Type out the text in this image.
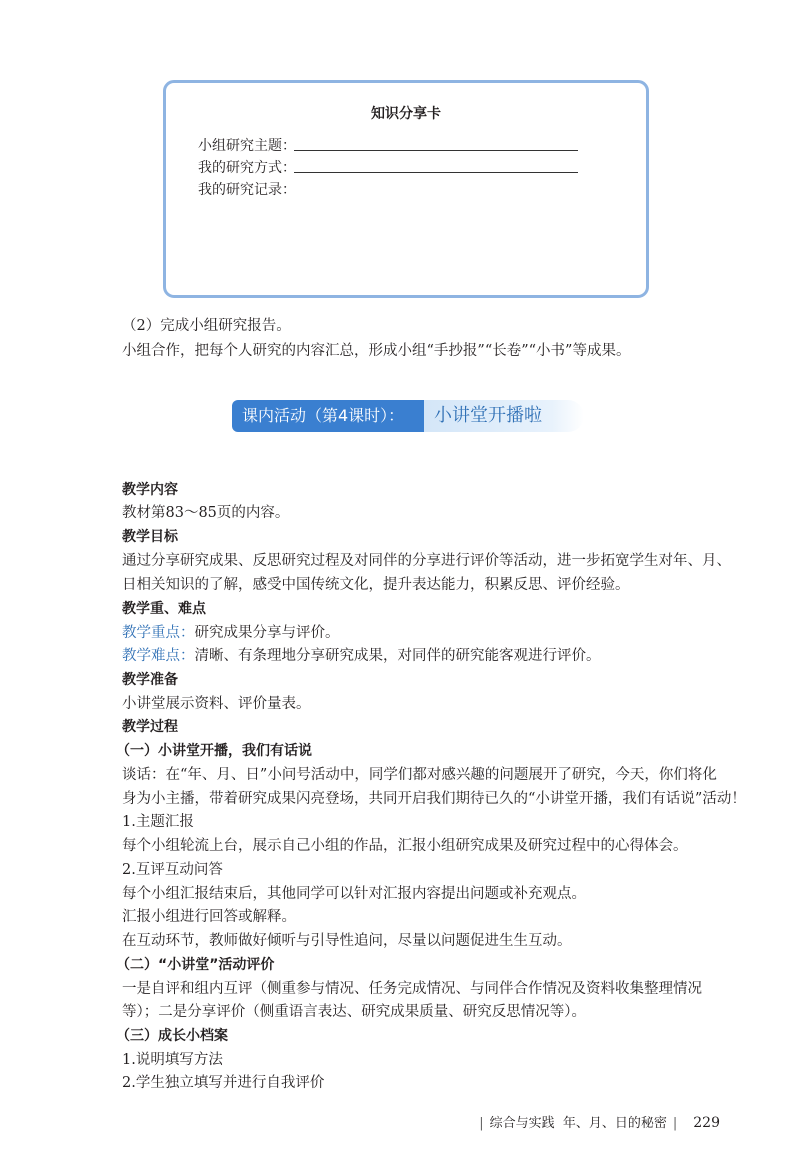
知识分享卡
小组研究主题：
我的研究方式：
我的研究记录：
（2）完成小组研究报告。
小组合作，把每个人研究的内容汇总，形成小组“手抄报”“长卷”“小书”等成果。
课内活动（第4课时）：	小讲堂开播啦
教学内容
教材第83～85页的内容。
教学目标
通过分享研究成果、反思研究过程及对同伴的分享进行评价等活动，进一步拓宽学生对年、月、
日相关知识的了解，感受中国传统文化，提升表达能力，积累反思、评价经验。
教学重、难点
教学重点：研究成果分享与评价。
教学难点：清晰、有条理地分享研究成果，对同伴的研究能客观进行评价。
教学准备
小讲堂展示资料、评价量表。
教学过程
（一）小讲堂开播，我们有话说
谈话：在“年、月、日”小问号活动中，同学们都对感兴趣的问题展开了研究，今天，你们将化
身为小主播，带着研究成果闪亮登场，共同开启我们期待已久的“小讲堂开播，我们有话说”活动！
1.主题汇报
每个小组轮流上台，展示自己小组的作品，汇报小组研究成果及研究过程中的心得体会。
2.互评互动问答
每个小组汇报结束后，其他同学可以针对汇报内容提出问题或补充观点。
汇报小组进行回答或解释。
在互动环节，教师做好倾听与引导性追问，尽量以问题促进生生互动。
（二）“小讲堂”活动评价
一是自评和组内互评（侧重参与情况、任务完成情况、与同伴合作情况及资料收集整理情况
等）；二是分享评价（侧重语言表达、研究成果质量、研究反思情况等）。
（三）成长小档案
1.说明填写方法
2.学生独立填写并进行自我评价
| 综合与实践 年、月、日的秘密 | 229
